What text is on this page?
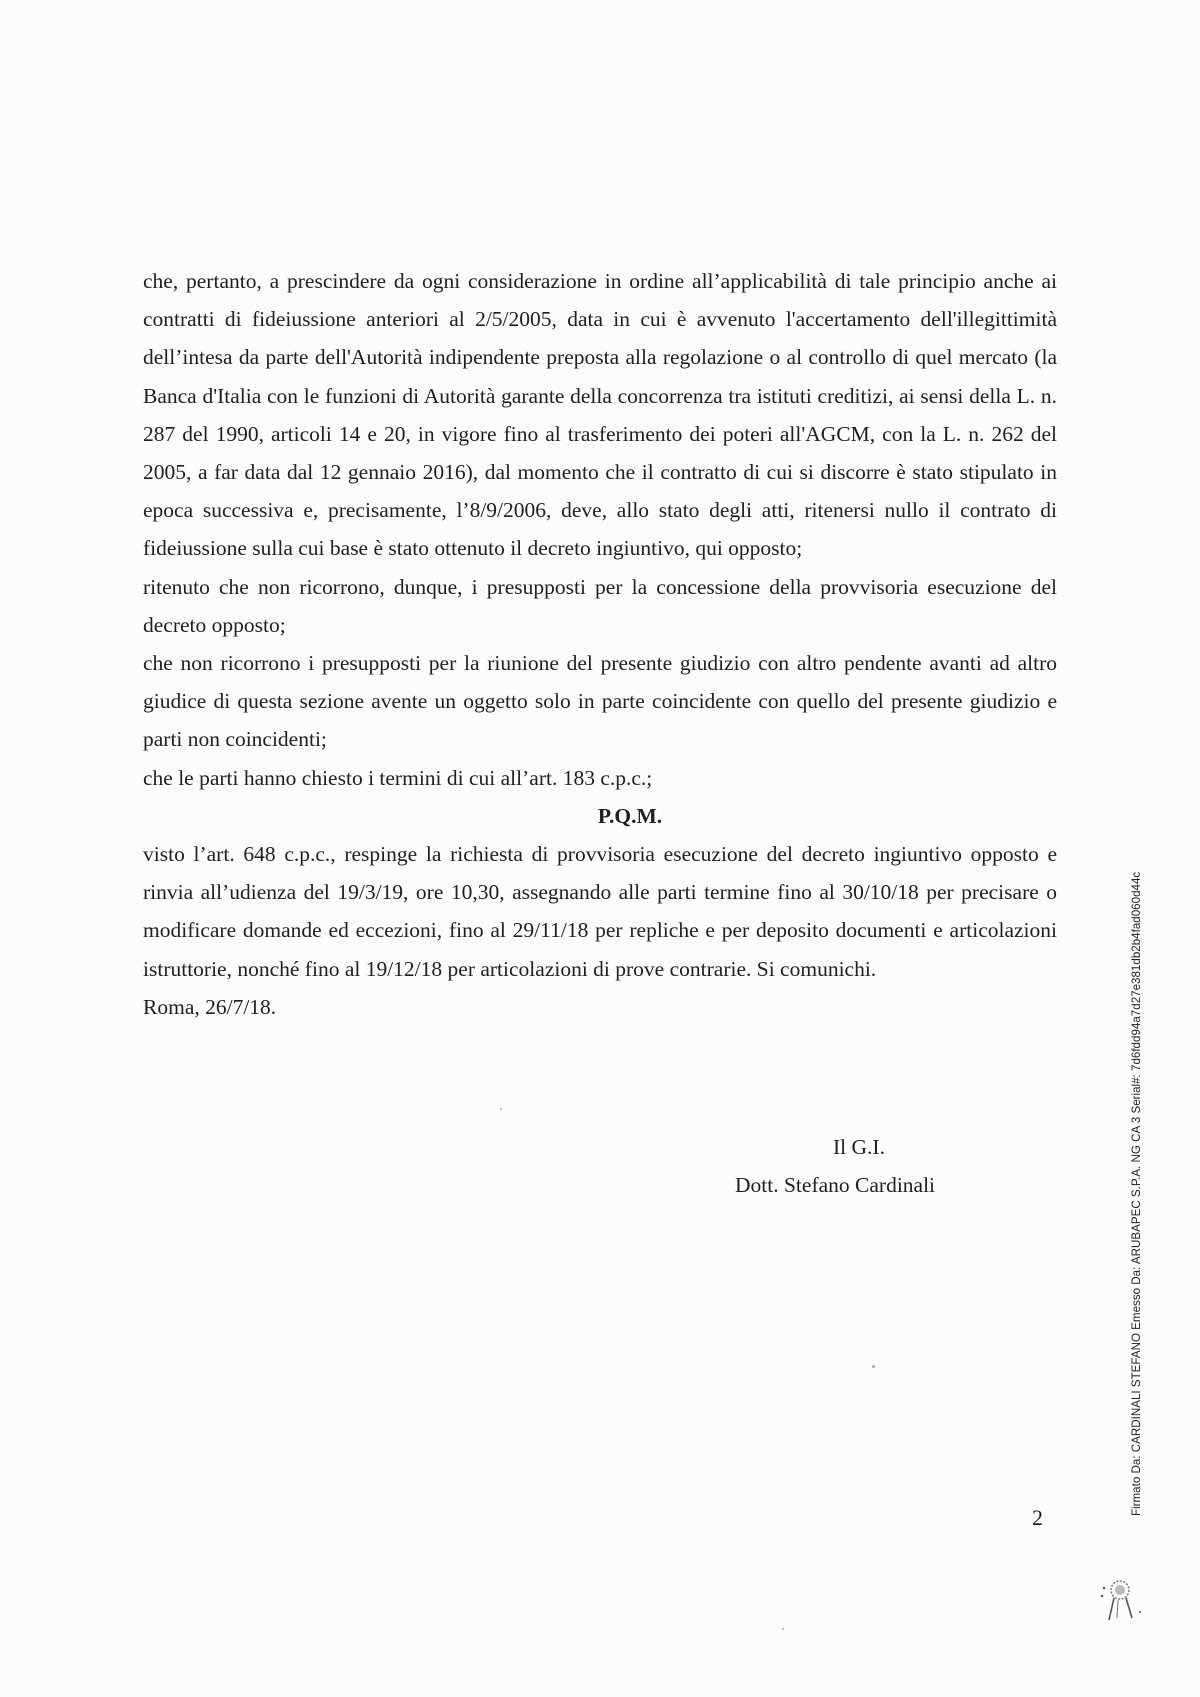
che, pertanto, a prescindere da ogni considerazione in ordine all’applicabilità di tale principio anche ai contratti di fideiussione anteriori al 2/5/2005, data in cui è avvenuto l'accertamento dell'illegittimità dell’intesa da parte dell'Autorità indipendente preposta alla regolazione o al controllo di quel mercato (la Banca d'Italia con le funzioni di Autorità garante della concorrenza tra istituti creditizi, ai sensi della L. n. 287 del 1990, articoli 14 e 20, in vigore fino al trasferimento dei poteri all'AGCM, con la L. n. 262 del 2005, a far data dal 12 gennaio 2016), dal momento che il contratto di cui si discorre è stato stipulato in epoca successiva e, precisamente, l’8/9/2006, deve, allo stato degli atti, ritenersi nullo il contrato di fideiussione sulla cui base è stato ottenuto il decreto ingiuntivo, qui opposto;

ritenuto che non ricorrono, dunque, i presupposti per la concessione della provvisoria esecuzione del decreto opposto;

che non ricorrono i presupposti per la riunione del presente giudizio con altro pendente avanti ad altro giudice di questa sezione avente un oggetto solo in parte coincidente con quello del presente giudizio e parti non coincidenti;

che le parti hanno chiesto i termini di cui all’art. 183 c.p.c.;

P.Q.M.

visto l’art. 648 c.p.c., respinge la richiesta di provvisoria esecuzione del decreto ingiuntivo opposto e rinvia all’udienza del 19/3/19, ore 10,30, assegnando alle parti termine fino al 30/10/18 per precisare o modificare domande ed eccezioni, fino al 29/11/18 per repliche e per deposito documenti e articolazioni istruttorie, nonché fino al 19/12/18 per articolazioni di prove contrarie. Si comunichi.

Roma, 26/7/18.

Il G.I.
Dott. Stefano Cardinali
2
Firmato Da: CARDINALI STEFANO Emesso Da: ARUBAPEC S.P.A. NG CA 3 Serial#: 7d6fdd94a7d27e381db2b4fad060d44c
